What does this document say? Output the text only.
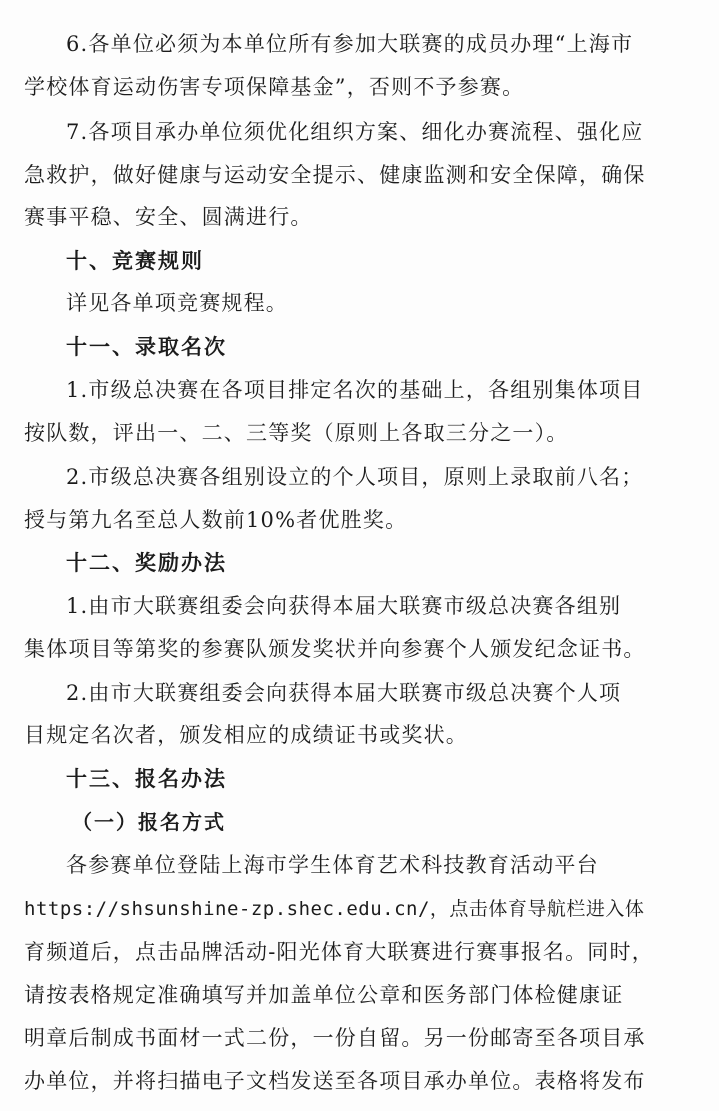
6.各单位必须为本单位所有参加大联赛的成员办理“上海市
学校体育运动伤害专项保障基金”，否则不予参赛。
7.各项目承办单位须优化组织方案、细化办赛流程、强化应
急救护，做好健康与运动安全提示、健康监测和安全保障，确保
赛事平稳、安全、圆满进行。
十、竞赛规则
详见各单项竞赛规程。
十一、录取名次
1.市级总决赛在各项目排定名次的基础上，各组别集体项目
按队数，评出一、二、三等奖（原则上各取三分之一）。
2.市级总决赛各组别设立的个人项目，原则上录取前八名；
授与第九名至总人数前10%者优胜奖。
十二、奖励办法
1.由市大联赛组委会向获得本届大联赛市级总决赛各组别
集体项目等第奖的参赛队颁发奖状并向参赛个人颁发纪念证书。
2.由市大联赛组委会向获得本届大联赛市级总决赛个人项
目规定名次者，颁发相应的成绩证书或奖状。
十三、报名办法
（一）报名方式
各参赛单位登陆上海市学生体育艺术科技教育活动平台
https://shsunshine-zp.shec.edu.cn/，点击体育导航栏进入体
育频道后，点击品牌活动-阳光体育大联赛进行赛事报名。同时，
请按表格规定准确填写并加盖单位公章和医务部门体检健康证
明章后制成书面材一式二份，一份自留。另一份邮寄至各项目承
办单位，并将扫描电子文档发送至各项目承办单位。表格将发布
